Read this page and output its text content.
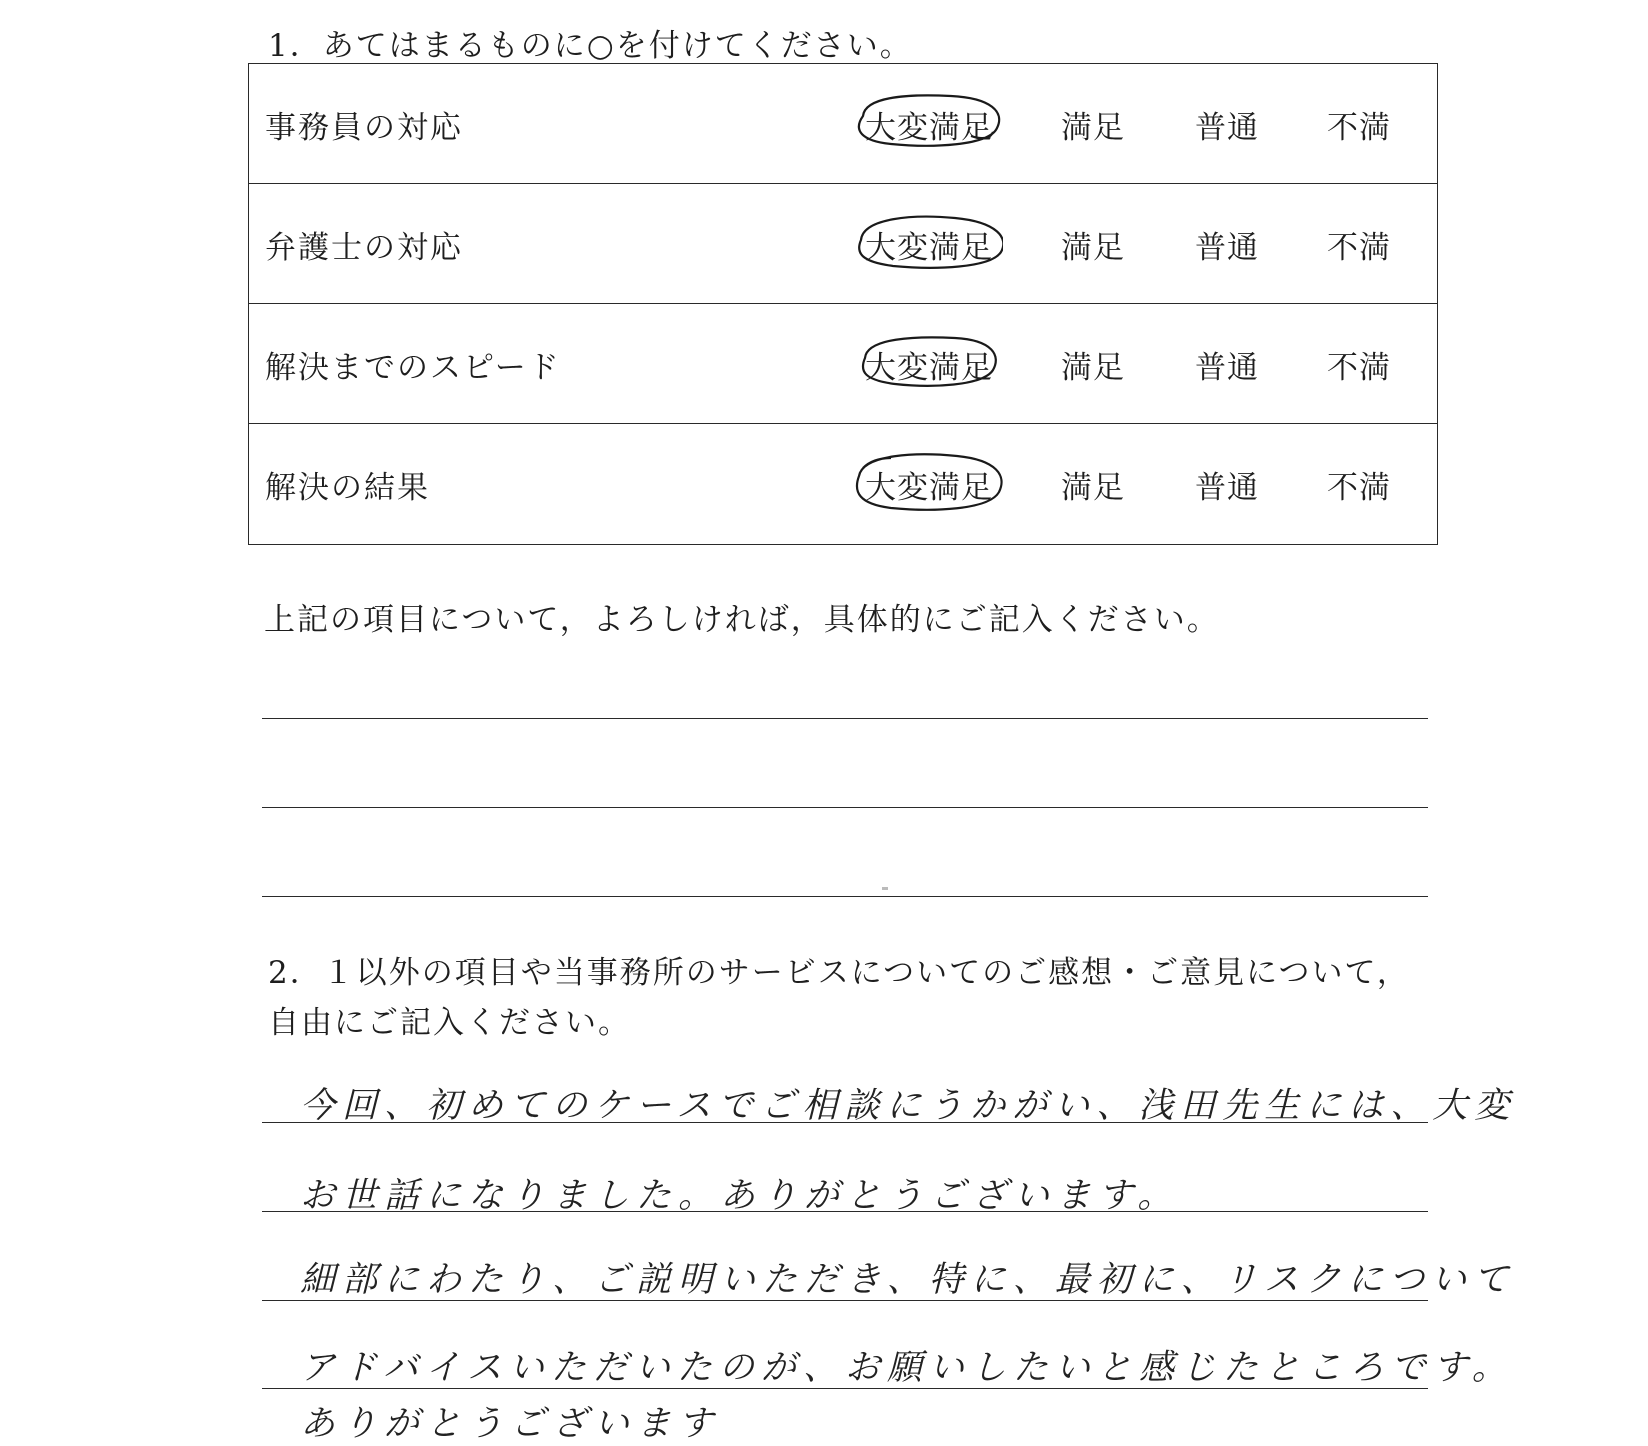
1．あてはまるものに○を付けてください。
事務員の対応	大変満足 満足 普通 不満
弁護士の対応	大変満足 満足 普通 不満
解決までのスピード	大変満足 満足 普通 不満
解決の結果	大変満足 満足 普通 不満
上記の項目について，よろしければ，具体的にご記入ください。
2．１以外の項目や当事務所のサービスについてのご感想・ご意見について，
自由にご記入ください。
今回、初めてのケースでご相談にうかがい、浅田先生には、大変
お世話になりました。ありがとうございます。
細部にわたり、ご説明いただき、特に、最初に、リスクについて
アドバイスいただいたのが、お願いしたいと感じたところです。
ありがとうございます
